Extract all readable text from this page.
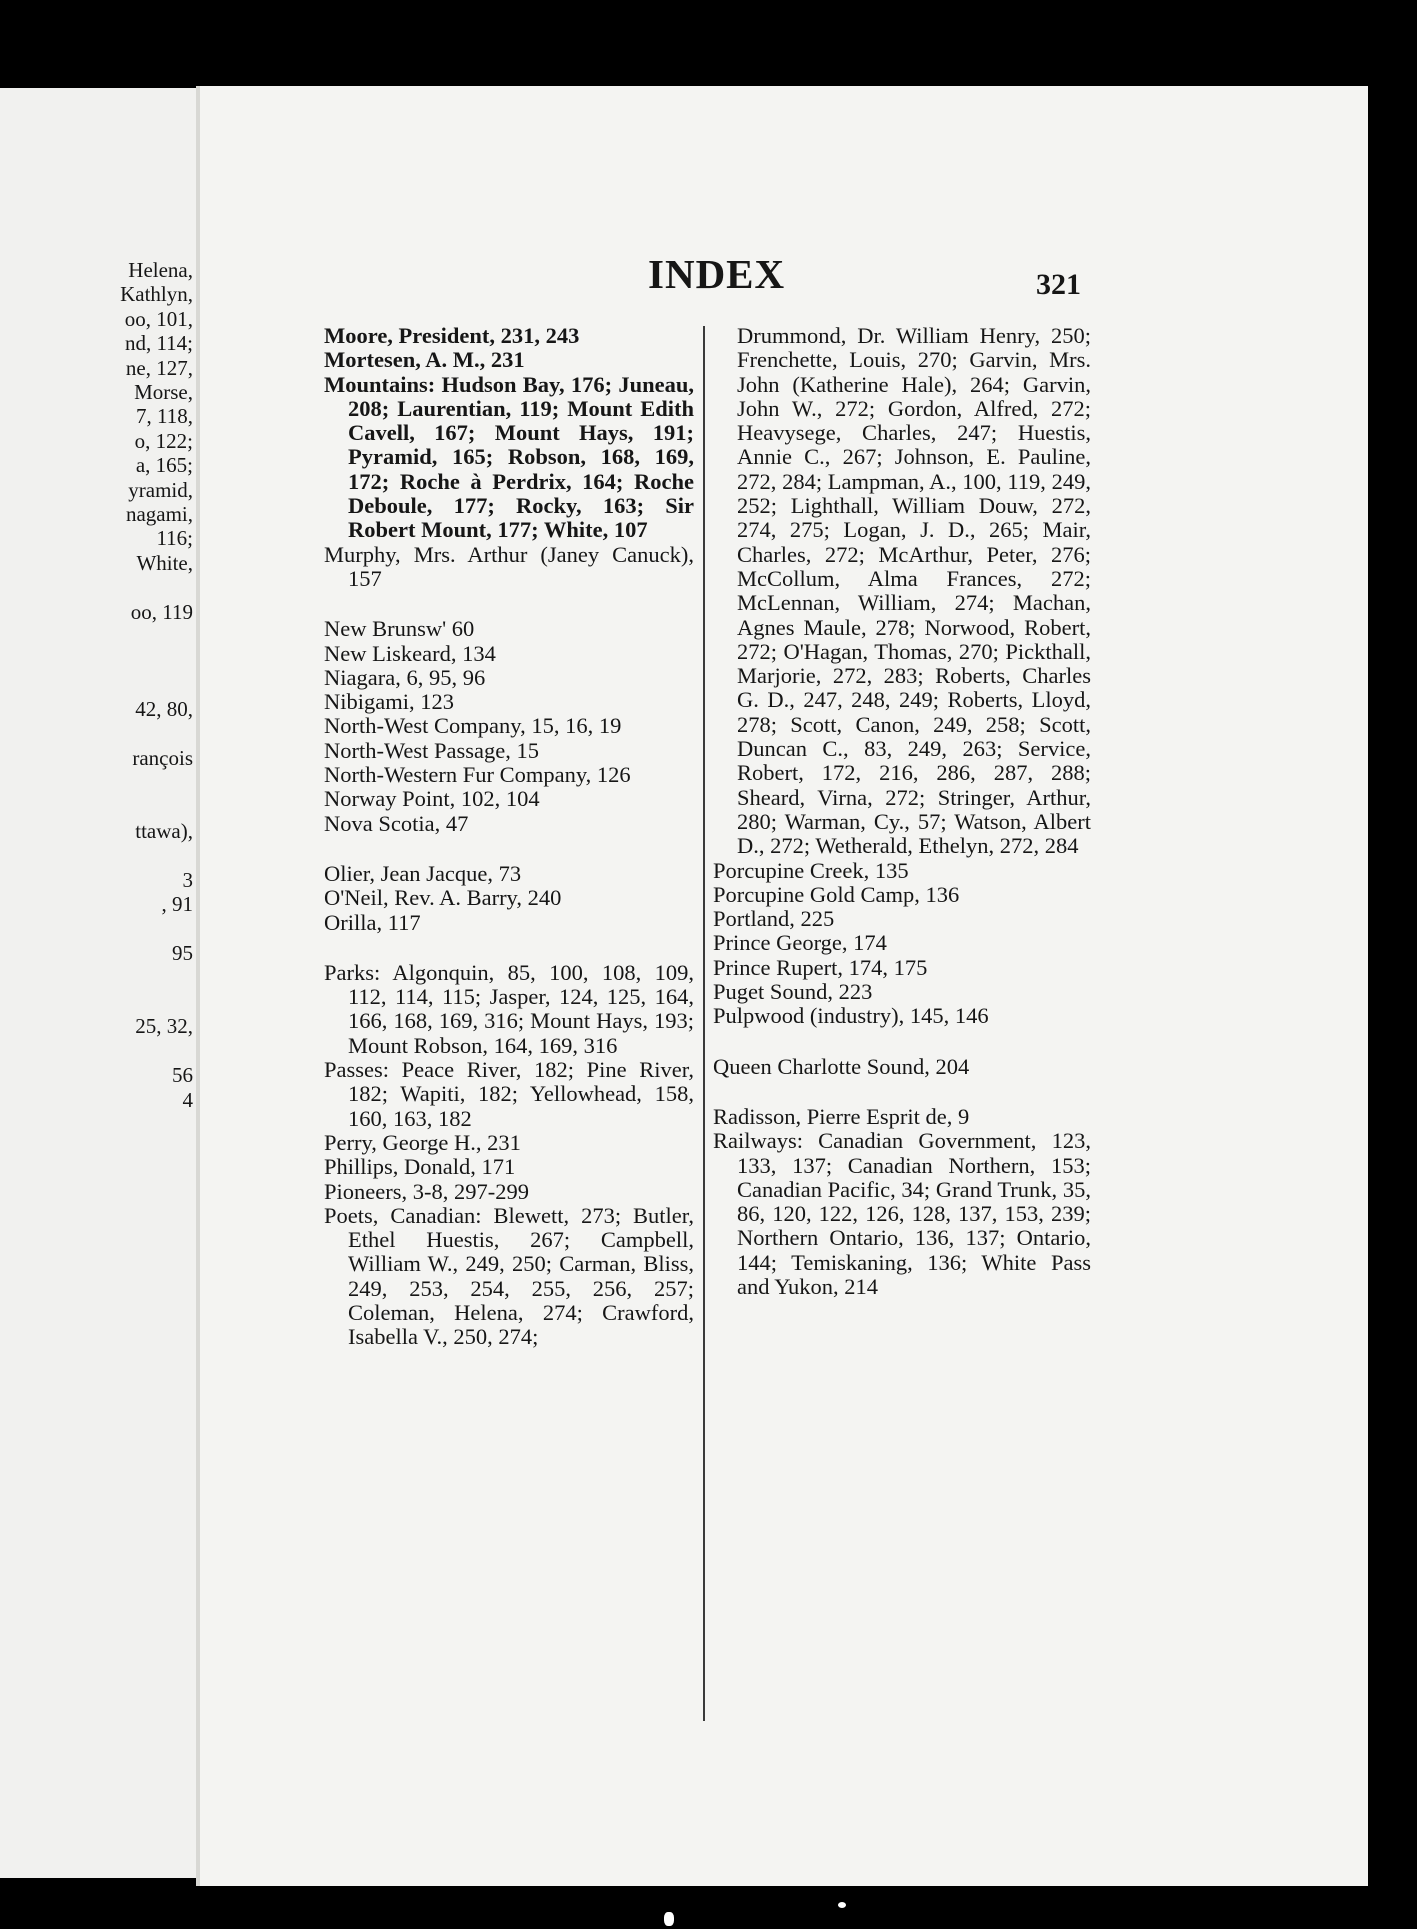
Helena,
Kathlyn,
oo, 101,
nd, 114;
ne, 127,
Morse,
7, 118,
o, 122;
a, 165;
yramid,
nagami,
116;
White,
oo, 119
42, 80,
rançois
ttawa),
3
, 91
95
25, 32,
56
4
INDEX	321

Moore, President, 231, 243

Mortesen, A. M., 231

Mountains: Hudson Bay, 176; Juneau, 208; Laurentian, 119; Mount Edith Cavell, 167; Mount Hays, 191; Pyramid, 165; Robson, 168, 169, 172; Roche à Perdrix, 164; Roche Deboule, 177; Rocky, 163; Sir Robert Mount, 177; White, 107

Murphy, Mrs. Arthur (Janey Canuck), 157

New Brunsw' 60

New Liskeard, 134

Niagara, 6, 95, 96

Nibigami, 123

North-West Company, 15, 16, 19

North-West Passage, 15

North-Western Fur Company, 126

Norway Point, 102, 104

Nova Scotia, 47

Olier, Jean Jacque, 73

O'Neil, Rev. A. Barry, 240

Orilla, 117

Parks: Algonquin, 85, 100, 108, 109, 112, 114, 115; Jasper, 124, 125, 164, 166, 168, 169, 316; Mount Hays, 193; Mount Robson, 164, 169, 316

Passes: Peace River, 182; Pine River, 182; Wapiti, 182; Yellowhead, 158, 160, 163, 182

Perry, George H., 231

Phillips, Donald, 171

Pioneers, 3-8, 297-299

Poets, Canadian: Blewett, 273; Butler, Ethel Huestis, 267; Campbell, William W., 249, 250; Carman, Bliss, 249, 253, 254, 255, 256, 257; Coleman, Helena, 274; Crawford, Isabella V., 250, 274;

Drummond, Dr. William Henry, 250; Frenchette, Louis, 270; Garvin, Mrs. John (Katherine Hale), 264; Garvin, John W., 272; Gordon, Alfred, 272; Heavysege, Charles, 247; Huestis, Annie C., 267; Johnson, E. Pauline, 272, 284; Lampman, A., 100, 119, 249, 252; Lighthall, William Douw, 272, 274, 275; Logan, J. D., 265; Mair, Charles, 272; McArthur, Peter, 276; McCollum, Alma Frances, 272; McLennan, William, 274; Machan, Agnes Maule, 278; Norwood, Robert, 272; O'Hagan, Thomas, 270; Pickthall, Marjorie, 272, 283; Roberts, Charles G. D., 247, 248, 249; Roberts, Lloyd, 278; Scott, Canon, 249, 258; Scott, Duncan C., 83, 249, 263; Service, Robert, 172, 216, 286, 287, 288; Sheard, Virna, 272; Stringer, Arthur, 280; Warman, Cy., 57; Watson, Albert D., 272; Wetherald, Ethelyn, 272, 284

Porcupine Creek, 135

Porcupine Gold Camp, 136

Portland, 225

Prince George, 174

Prince Rupert, 174, 175

Puget Sound, 223

Pulpwood (industry), 145, 146

Queen Charlotte Sound, 204

Radisson, Pierre Esprit de, 9

Railways: Canadian Government, 123, 133, 137; Canadian Northern, 153; Canadian Pacific, 34; Grand Trunk, 35, 86, 120, 122, 126, 128, 137, 153, 239; Northern Ontario, 136, 137; Ontario, 144; Temiskaning, 136; White Pass and Yukon, 214
